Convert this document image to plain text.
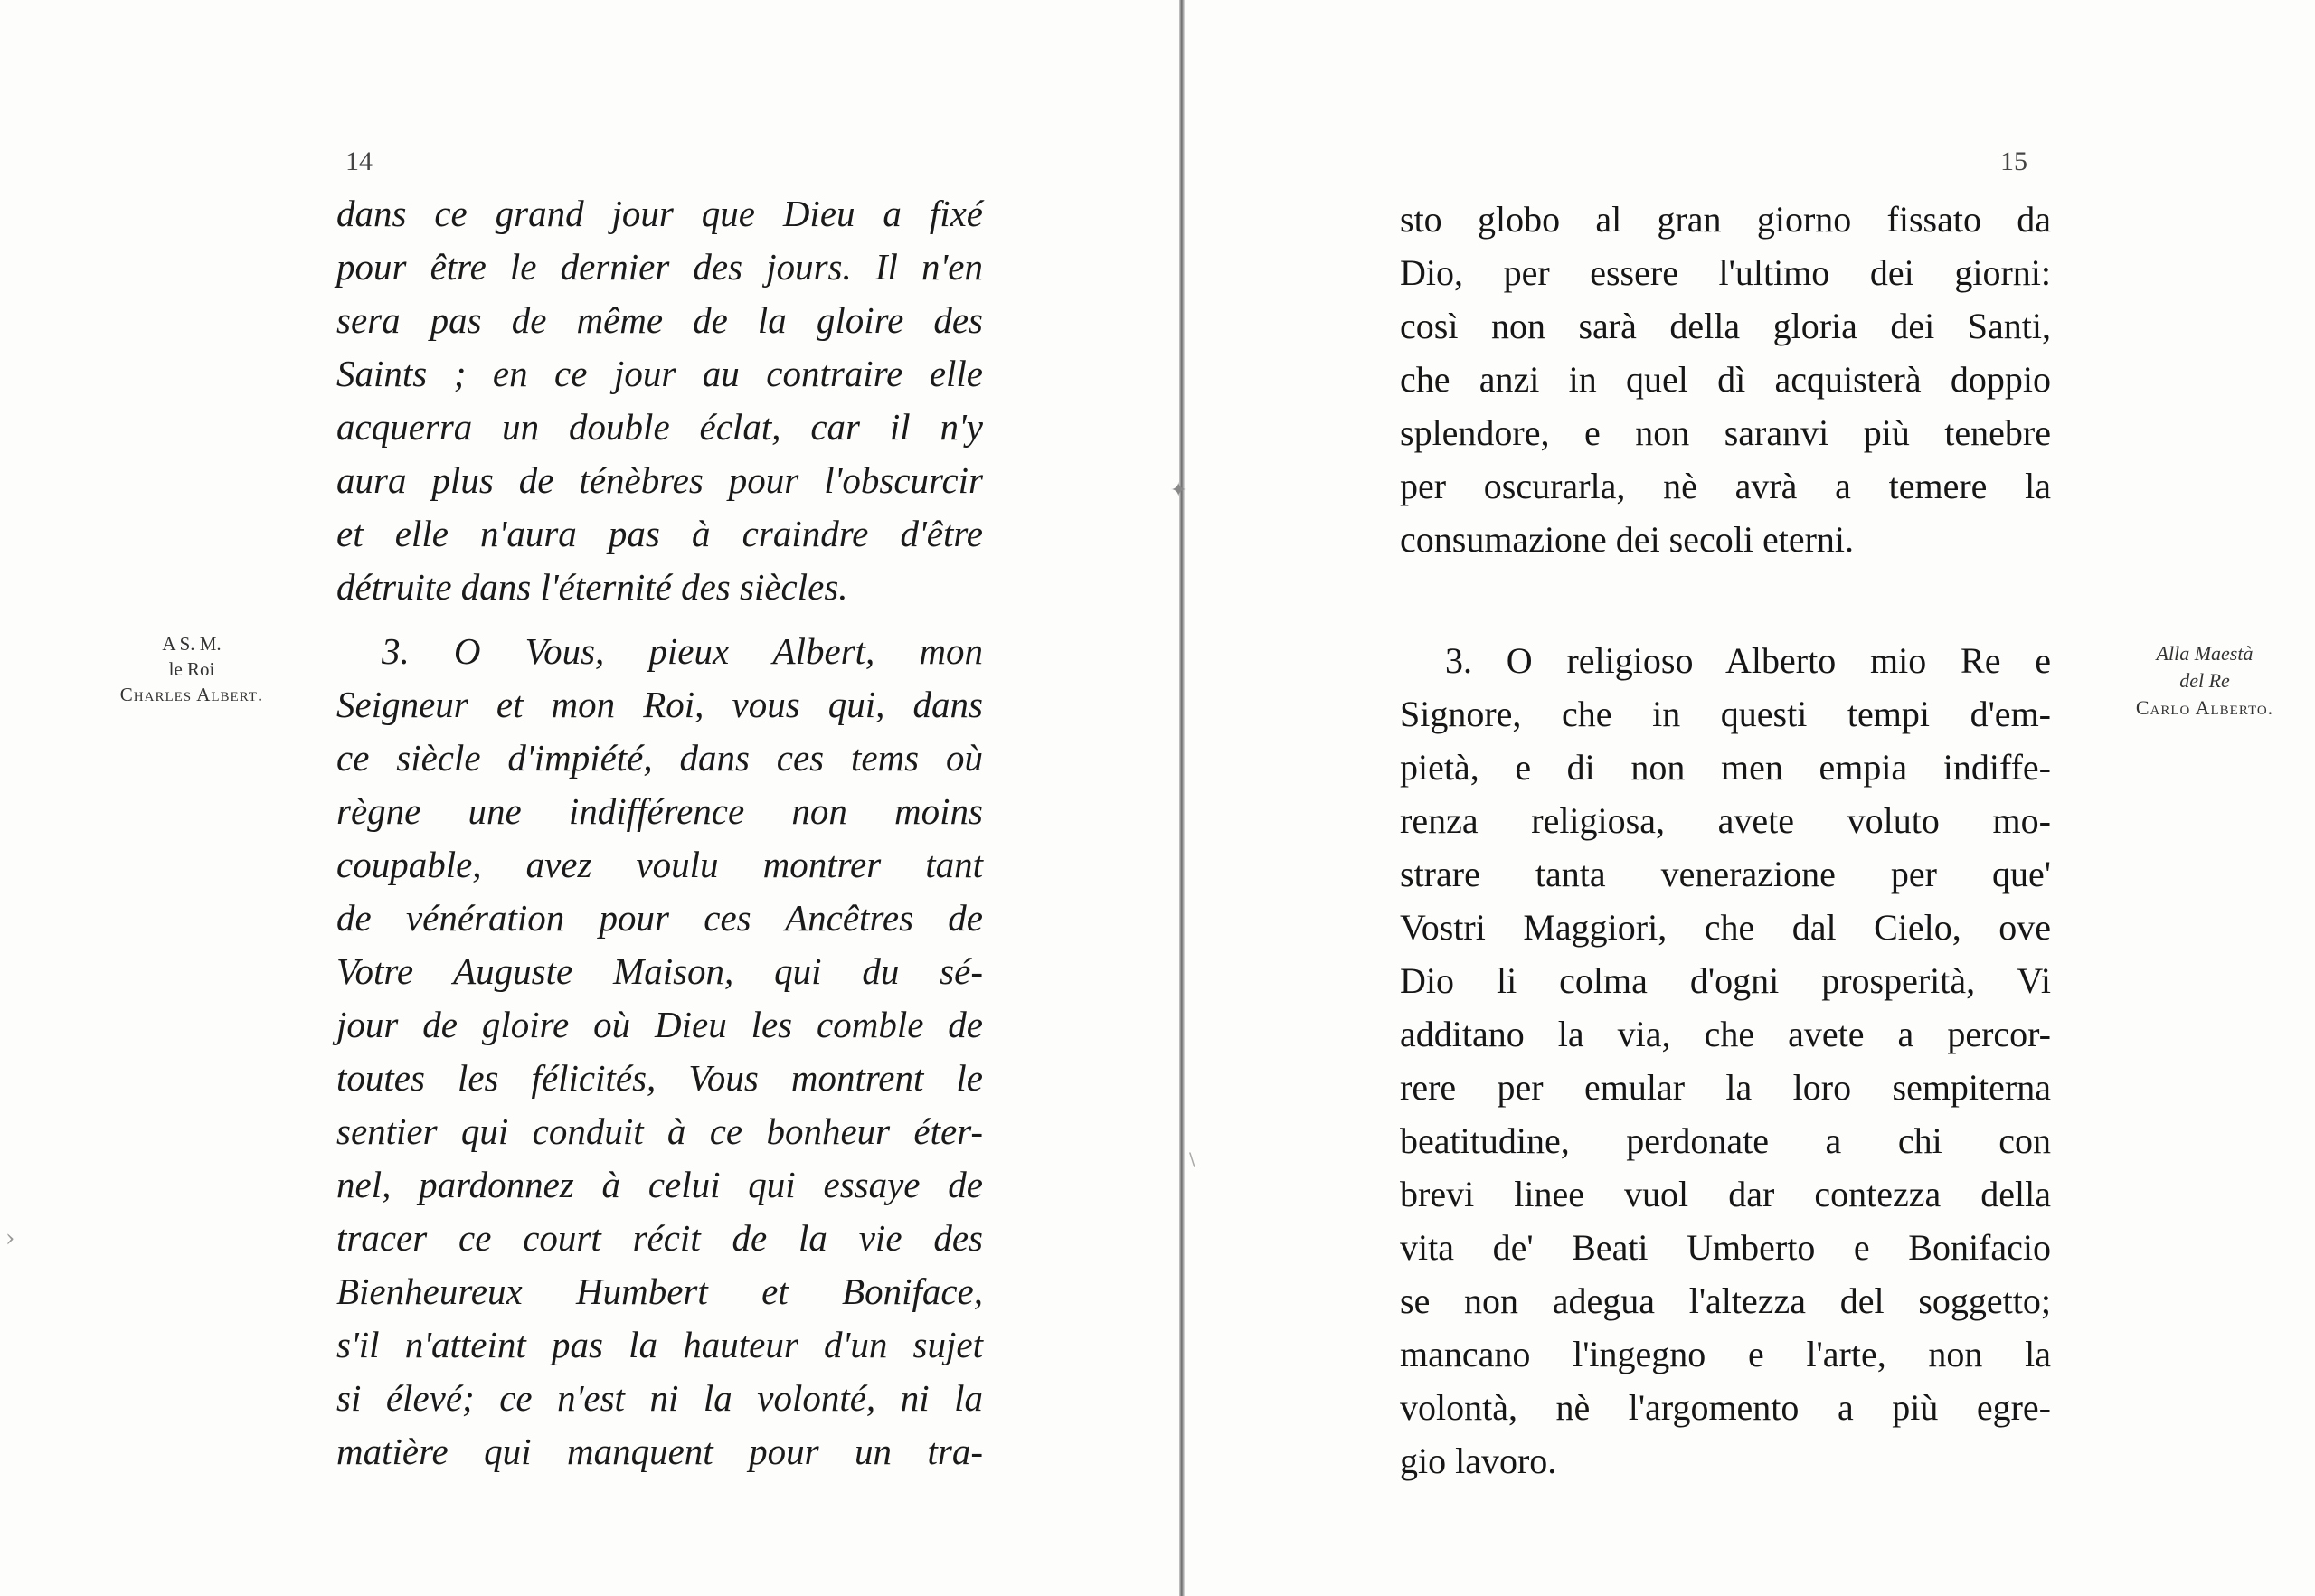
14
A S. M.
le Roi
Charles Albert.
dans ce grand jour que Dieu a fixé
pour être le dernier des jours. Il n'en
sera pas de même de la gloire des
Saints ; en ce jour au contraire elle
acquerra un double éclat, car il n'y
aura plus de ténèbres pour l'obscurcir
et elle n'aura pas à craindre d'être
détruite dans l'éternité des siècles.
3. O Vous, pieux Albert, mon
Seigneur et mon Roi, vous qui, dans
ce siècle d'impiété, dans ces tems où
règne une indifférence non moins
coupable, avez voulu montrer tant
de vénération pour ces Ancêtres de
Votre Auguste Maison, qui du sé-
jour de gloire où Dieu les comble de
toutes les félicités, Vous montrent le
sentier qui conduit à ce bonheur éter-
nel, pardonnez à celui qui essaye de
tracer ce court récit de la vie des
Bienheureux Humbert et Boniface,
s'il n'atteint pas la hauteur d'un sujet
si élevé; ce n'est ni la volonté, ni la
matière qui manquent pour un tra-
✦
›
\
15
sto globo al gran giorno fissato da
Dio, per essere l'ultimo dei giorni:
così non sarà della gloria dei Santi,
che anzi in quel dì acquisterà doppio
splendore, e non saranvi più tenebre
per oscurarla, nè avrà a temere la
consumazione dei secoli eterni.
3. O religioso Alberto mio Re e
Signore, che in questi tempi d'em-
pietà, e di non men empia indiffe-
renza religiosa, avete voluto mo-
strare tanta venerazione per que'
Vostri Maggiori, che dal Cielo, ove
Dio li colma d'ogni prosperità, Vi
additano la via, che avete a percor-
rere per emular la loro sempiterna
beatitudine, perdonate a chi con
brevi linee vuol dar contezza della
vita de' Beati Umberto e Bonifacio
se non adegua l'altezza del soggetto;
mancano l'ingegno e l'arte, non la
volontà, nè l'argomento a più egre-
gio lavoro.
Alla Maestà
del Re
Carlo Alberto.
